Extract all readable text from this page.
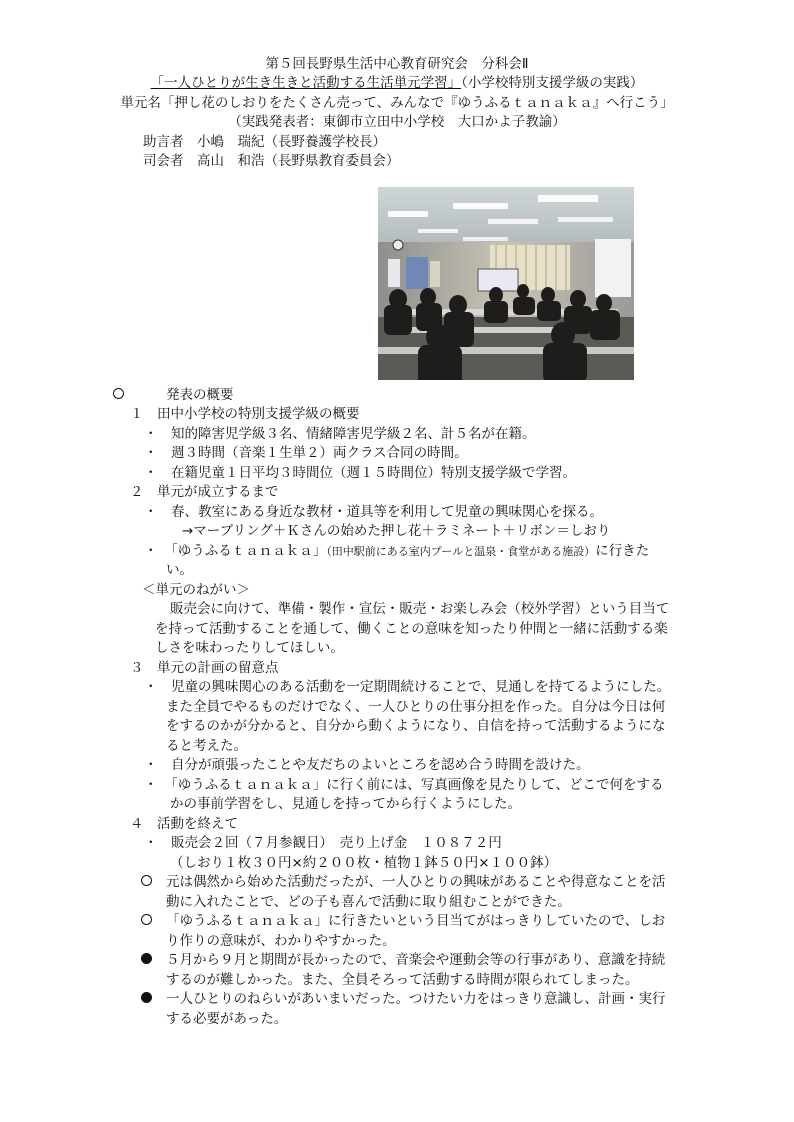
第５回長野県生活中心教育研究会　分科会Ⅱ
「一人ひとりが生き生きと活動する生活単元学習」（小学校特別支援学級の実践）
単元名「押し花のしおりをたくさん売って、みんなで『ゆうふるｔａｎａｋａ』へ行こう」
（実践発表者：東御市立田中小学校　大口かよ子教諭）
助言者　小嶋　瑞紀（長野養護学校長）
司会者　高山　和浩（長野県教育委員会）
発表の概要
１　田中小学校の特別支援学級の概要
・　知的障害児学級３名、情緒障害児学級２名、計５名が在籍。
・　週３時間（音楽１生単２）両クラス合同の時間。
・　在籍児童１日平均３時間位（週１５時間位）特別支援学級で学習。
２　単元が成立するまで
・　春、教室にある身近な教材・道具等を利用して児童の興味関心を探る。
→マーブリング＋Ｋさんの始めた押し花＋ラミネート＋リボン＝しおり
・　「ゆうふるｔａｎａｋａ」（田中駅前にある室内プールと温泉・食堂がある施設）に行きた
い。
＜単元のねがい＞
販売会に向けて、準備・製作・宣伝・販売・お楽しみ会（校外学習）という目当て
を持って活動することを通して、働くことの意味を知ったり仲間と一緒に活動する楽
しさを味わったりしてほしい。
３　単元の計画の留意点
・　児童の興味関心のある活動を一定期間続けることで、見通しを持てるようにした。
また全員でやるものだけでなく、一人ひとりの仕事分担を作った。自分は今日は何
をするのかが分かると、自分から動くようになり、自信を持って活動するようにな
ると考えた。
・　自分が頑張ったことや友だちのよいところを認め合う時間を設けた。
・　「ゆうふるｔａｎａｋａ」に行く前には、写真画像を見たりして、どこで何をする
かの事前学習をし、見通しを持ってから行くようにした。
４　活動を終えて
・　販売会２回（７月参観日）　売り上げ金　１０８７２円
（しおり１枚３０円×約２００枚・植物１鉢５０円×１００鉢）
元は偶然から始めた活動だったが、一人ひとりの興味があることや得意なことを活
動に入れたことで、どの子も喜んで活動に取り組むことができた。
「ゆうふるｔａｎａｋａ」に行きたいという目当てがはっきりしていたので、しお
り作りの意味が、わかりやすかった。
５月から９月と期間が長かったので、音楽会や運動会等の行事があり、意識を持続
するのが難しかった。また、全員そろって活動する時間が限られてしまった。
一人ひとりのねらいがあいまいだった。つけたい力をはっきり意識し、計画・実行
する必要があった。
